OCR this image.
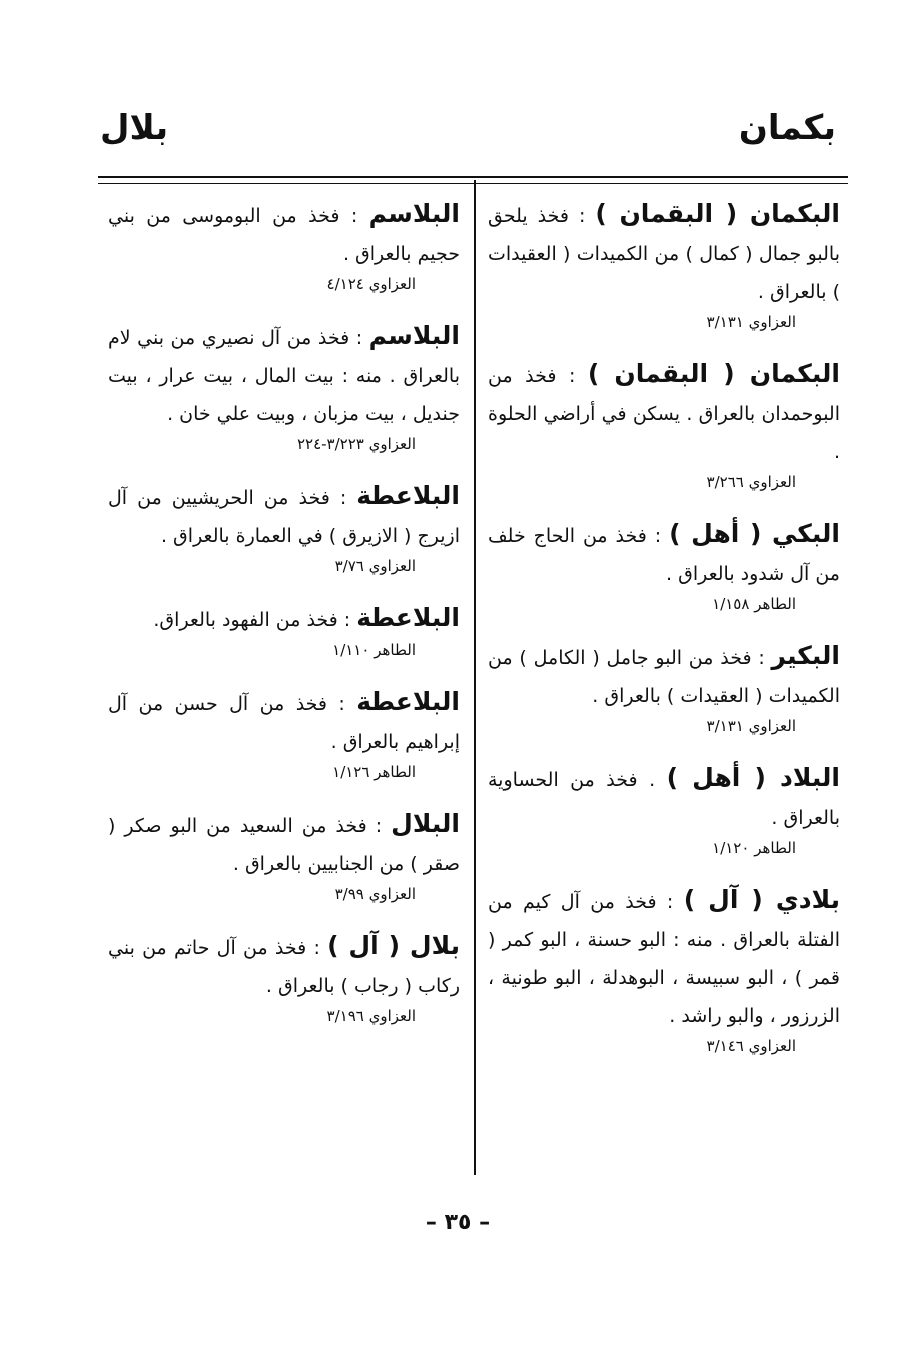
بكمان
بلال
البكمان ( البقمان ) : فخذ يلحق بالبو جمال ( كمال ) من الكميدات ( العقيدات ) بالعراق .
العزاوي ٣/١٣١
البكمان ( البقمان ) : فخذ من البوحمدان بالعراق . يسكن في أراضي الحلوة .
العزاوي ٣/٢٦٦
البكي ( أهل ) : فخذ من الحاج خلف من آل شدود بالعراق .
الطاهر ١/١٥٨
البكير : فخذ من البو جامل ( الكامل ) من الكميدات ( العقيدات ) بالعراق .
العزاوي ٣/١٣١
البلاد ( أهل ) . فخذ من الحساوية بالعراق .
الطاهر ١/١٢٠
بلادي ( آل ) : فخذ من آل كيم من الفتلة بالعراق . منه : البو حسنة ، البو كمر ( قمر ) ، البو سبيسة ، البوهدلة ، البو طونية ، الزرزور ، والبو راشد .
العزاوي ٣/١٤٦
البلاسم : فخذ من البوموسى من بني حجيم بالعراق .
العزاوي ٤/١٢٤
البلاسم : فخذ من آل نصيري من بني لام بالعراق . منه : بيت المال ، بيت عرار ، بيت جنديل ، بيت مزبان ، وبيت علي خان .
العزاوي ٣/٢٢٣-٢٢٤
البلاعطة : فخذ من الحريشيين من آل ازيرج ( الازيرق ) في العمارة بالعراق .
العزاوي ٣/٧٦
البلاعطة : فخذ من الفهود بالعراق.
الطاهر ١/١١٠
البلاعطة : فخذ من آل حسن من آل إبراهيم بالعراق .
الطاهر ١/١٢٦
البلال : فخذ من السعيد من البو صكر ( صقر ) من الجنابيين بالعراق .
العزاوي ٣/٩٩
بلال ( آل ) : فخذ من آل حاتم من بني ركاب ( رجاب ) بالعراق .
العزاوي ٣/١٩٦
– ٣٥ –
